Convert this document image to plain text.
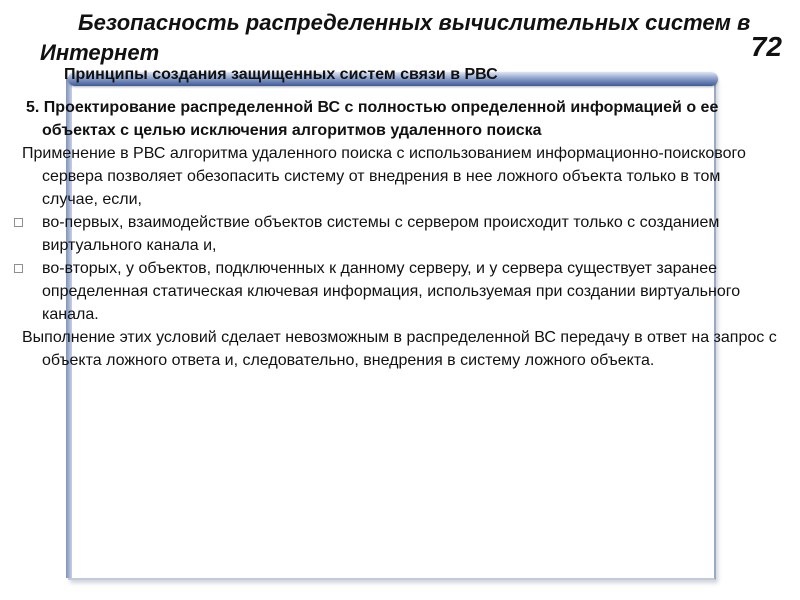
Безопасность распределенных вычислительных систем в
Интернет	72
Принципы создания защищенных систем связи в РВС

5. Проектирование распределенной ВС с полностью определенной информацией о ее объектах с целью исключения алгоритмов удаленного поиска

Применение в РВС алгоритма удаленного поиска с использованием информационно-поискового сервера позволяет обезопасить систему от внедрения в нее ложного объекта только в том случае, если,

во-первых, взаимодействие объектов системы с сервером происходит только с созданием виртуального канала и,
во-вторых, у объектов, подключенных к данному серверу, и у сервера существует заранее определенная статическая ключевая информация, используемая при создании виртуального канала.

Выполнение этих условий сделает невозможным в распределенной ВС передачу в ответ на запрос с объекта ложного ответа и, следовательно, внедрения в систему ложного объекта.
